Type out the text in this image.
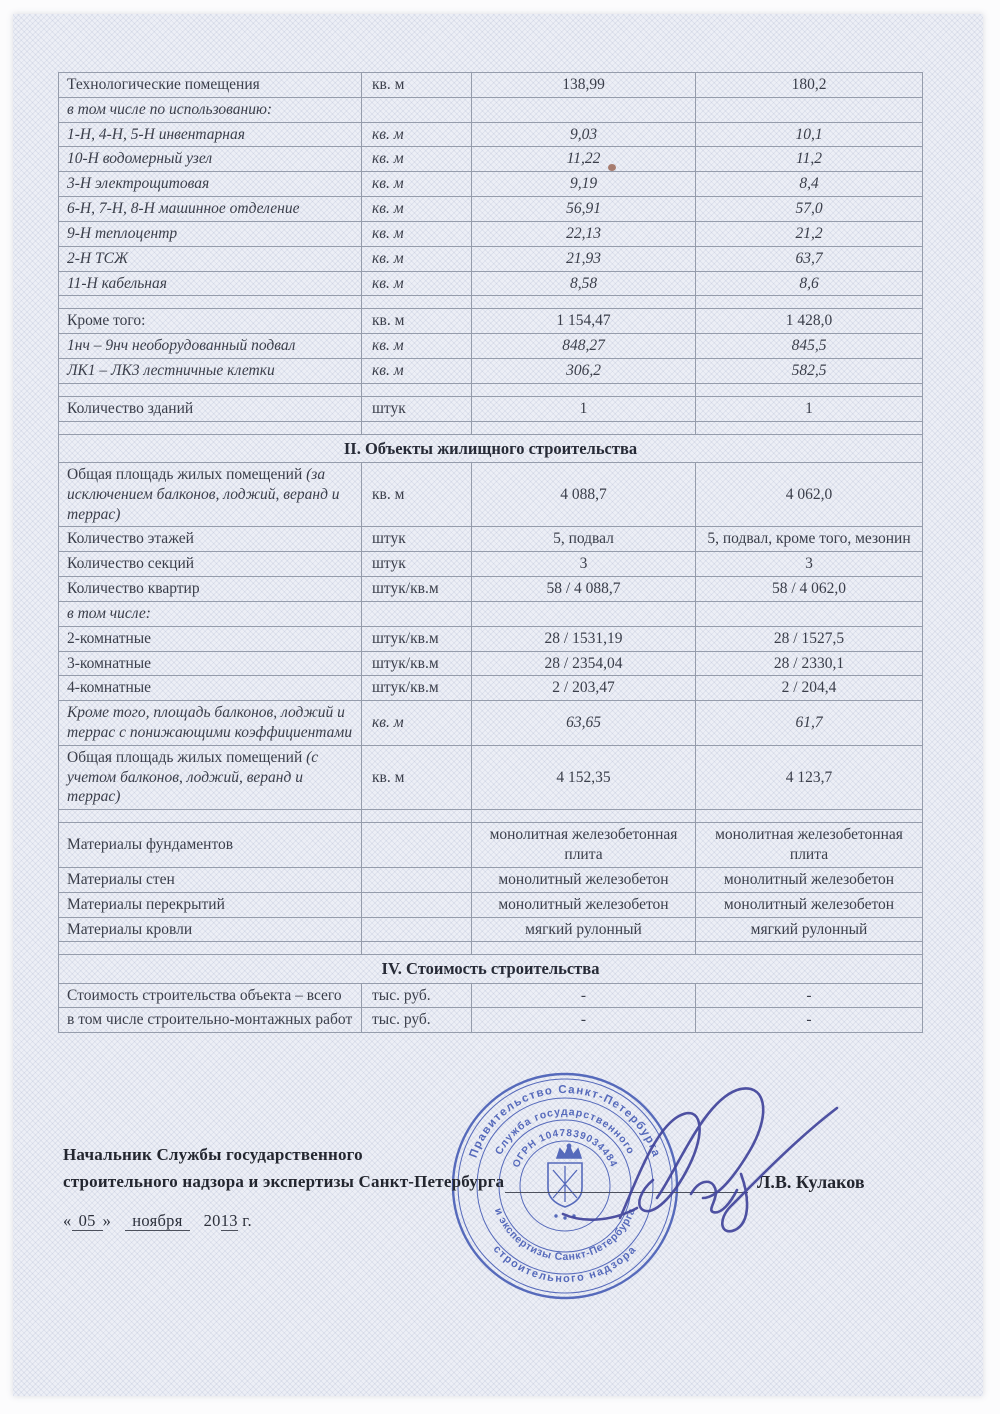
Технологические помещения	кв. м	138,99	180,2
в том числе по использованию:			
1-Н, 4-Н, 5-Н инвентарная	кв. м	9,03	10,1
10-Н водомерный узел	кв. м	11,22	11,2
3-Н электрощитовая	кв. м	9,19	8,4
6-Н, 7-Н, 8-Н машинное отделение	кв. м	56,91	57,0
9-Н теплоцентр	кв. м	22,13	21,2
2-Н ТСЖ	кв. м	21,93	63,7
11-Н кабельная	кв. м	8,58	8,6

Кроме того:	кв. м	1 154,47	1 428,0
1нч – 9нч необорудованный подвал	кв. м	848,27	845,5
ЛК1 – ЛК3 лестничные клетки	кв. м	306,2	582,5

Количество зданий	штук	1	1

II. Объекты жилищного строительства			
Общая площадь жилых помещений (за исключением балконов, лоджий, веранд и террас)	кв. м	4 088,7	4 062,0
Количество этажей	штук	5, подвал	5, подвал, кроме того, мезонин
Количество секций	штук	3	3
Количество квартир	штук/кв.м	58 / 4 088,7	58 / 4 062,0
в том числе:			
2-комнатные	штук/кв.м	28 / 1531,19	28 / 1527,5
3-комнатные	штук/кв.м	28 / 2354,04	28 / 2330,1
4-комнатные	штук/кв.м	2 / 203,47	2 / 204,4
Кроме того, площадь балконов, лоджий и террас с понижающими коэффициентами	кв. м	63,65	61,7
Общая площадь жилых помещений (с учетом балконов, лоджий, веранд и террас)	кв. м	4 152,35	4 123,7

Материалы фундаментов		монолитная железобетонная плита	монолитная железобетонная плита
Материалы стен		монолитный железобетон	монолитный железобетон
Материалы перекрытий		монолитный железобетон	монолитный железобетон
Материалы кровли		мягкий рулонный	мягкий рулонный

IV. Стоимость строительства			
Стоимость строительства объекта – всего	тыс. руб.	-	-
в том числе строительно-монтажных работ	тыс. руб.	-	-
Правительство Санкт-Петербурга
строительного надзора
Служба государственного
и экспертизы Санкт-Петербурга
ОГРН 1047839034484
Начальник Службы государственного
строительного надзора и экспертизы Санкт-Петербурга	Л.В. Кулаков
« 05 » ноября 2013 г.
